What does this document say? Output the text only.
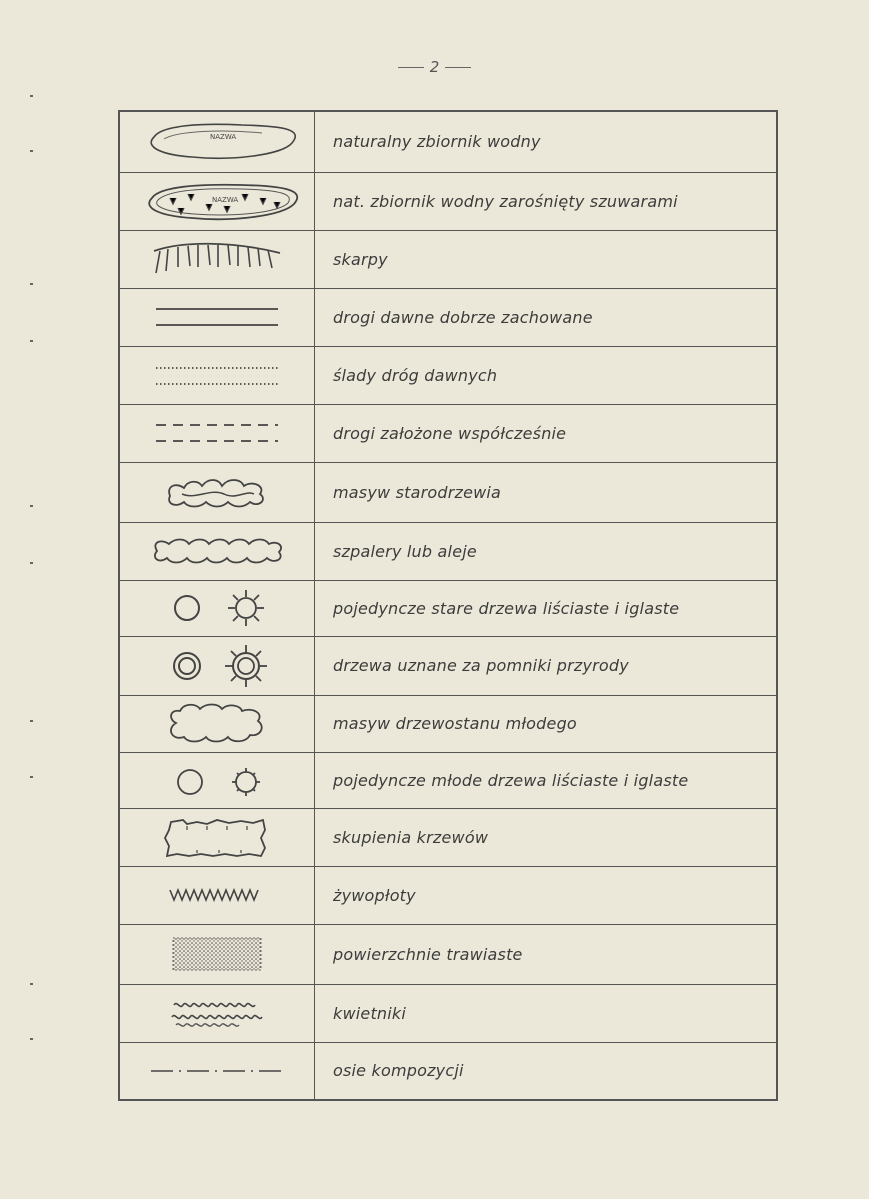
2
NAZWA	naturalny zbiornik wodny

NAZWA	nat. zbiornik wodny zarośnięty szuwarami

	skarpy

	drogi dawne dobrze zachowane

	ślady dróg dawnych

	drogi założone współcześnie

	masyw starodrzewia

	szpalery lub aleje

	pojedyncze stare drzewa liściaste i iglaste

	drzewa uznane za pomniki przyrody

	masyw drzewostanu młodego

	pojedyncze młode drzewa liściaste i iglaste

	skupienia krzewów

	żywopłoty

	powierzchnie trawiaste

	kwietniki

	osie kompozycji
